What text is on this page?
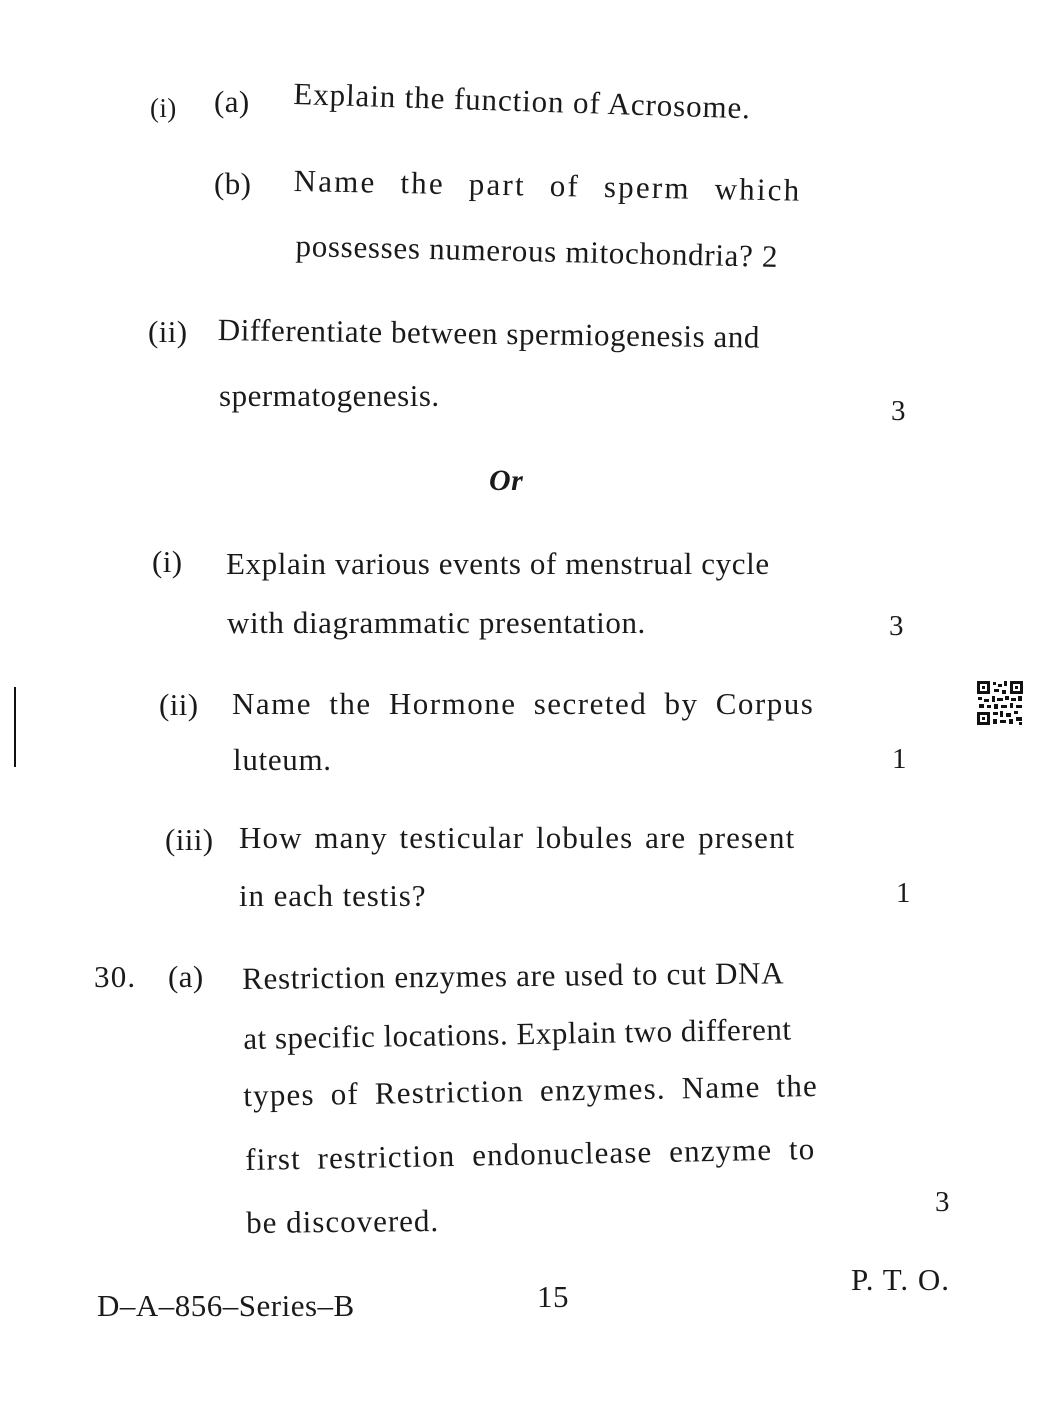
(i) (a) Explain the function of Acrosome.
(b) Name the part of sperm which
possesses numerous mitochondria? 2
(ii) Differentiate between spermiogenesis and
spermatogenesis.	3
Or
(i) Explain various events of menstrual cycle
with diagrammatic presentation.	3
(ii) Name the Hormone secreted by Corpus
luteum.	1
(iii) How many testicular lobules are present
in each testis?	1
30. (a) Restriction enzymes are used to cut DNA
at specific locations. Explain two different
types of Restriction enzymes. Name the
first restriction endonuclease enzyme to
be discovered.
3
D–A–856–Series–B	15	P. T. O.
